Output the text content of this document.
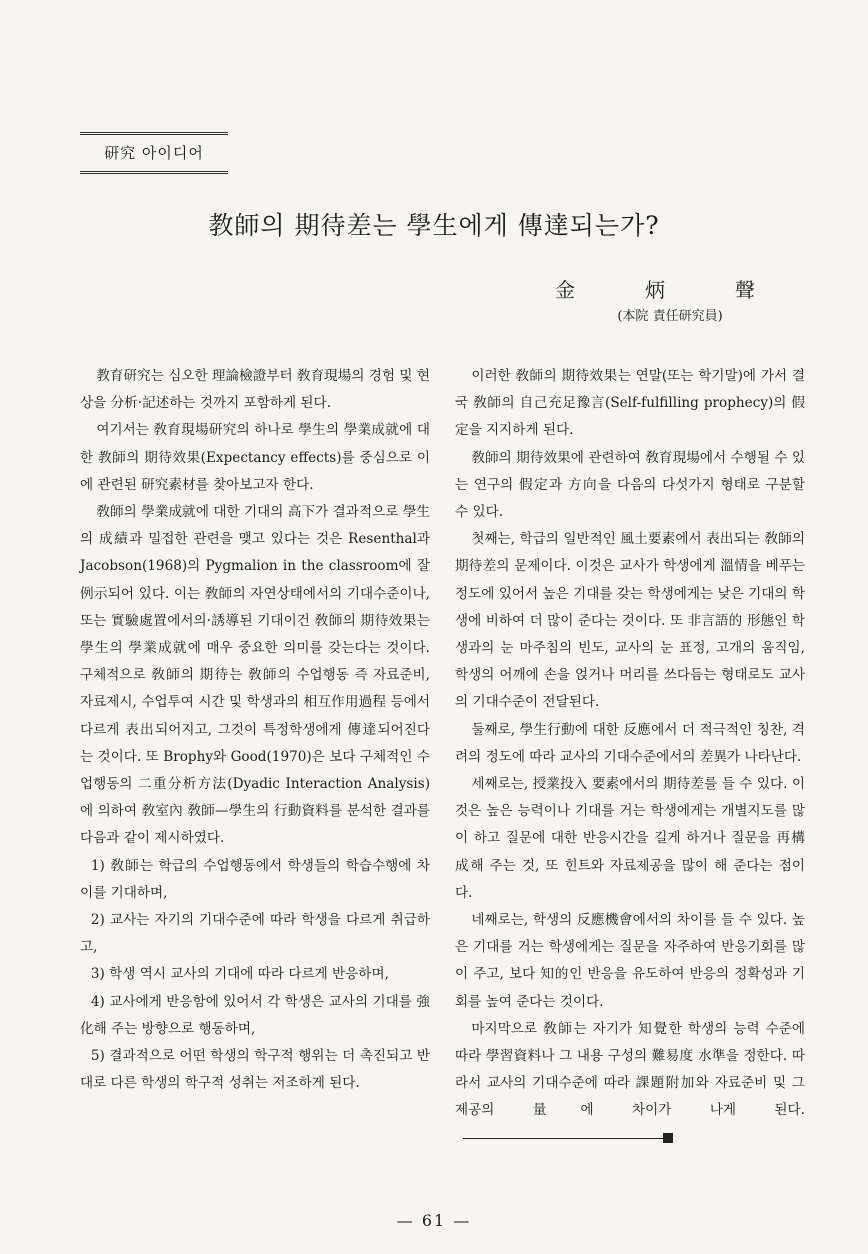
研究 아이디어
教師의 期待差는 學生에게 傳達되는가?
金	炳	聲
(本院 責任研究員)

教育研究는 심오한 理論檢證부터 敎育現場의 경험 및 현상을 分析·記述하는 것까지 포함하게 된다.

여기서는 敎育現場研究의 하나로 學生의 學業成就에 대한 教師의 期待效果(Expectancy effects)를 중심으로 이에 관련된 研究素材를 찾아보고자 한다.

敎師의 學業成就에 대한 기대의 高下가 결과적으로 學生의 成績과 밀접한 관련을 맺고 있다는 것은 Resenthal과 Jacobson(1968)의 Pygmalion in the classroom에 잘 例示되어 있다. 이는 敎師의 자연상태에서의 기대수준이나, 또는 實驗處置에서의·誘導된 기대이건 敎師의 期待效果는 學生의 學業成就에 매우 중요한 의미를 갖는다는 것이다. 구체적으로 敎師의 期待는 敎師의 수업행동 즉 자료준비, 자료제시, 수업투여 시간 및 학생과의 相互作用過程 등에서 다르게 表出되어지고, 그것이 특정학생에게 傳達되어진다는 것이다. 또 Brophy와 Good(1970)은 보다 구체적인 수업행동의 二重分析方法(Dyadic Interaction Analysis)에 의하여 敎室內 敎師—學生의 行動資料를 분석한 결과를 다음과 같이 제시하였다.

1) 敎師는 학급의 수업행동에서 학생들의 학습수행에 차이를 기대하며,

2) 교사는 자기의 기대수준에 따라 학생을 다르게 취급하고,

3) 학생 역시 교사의 기대에 따라 다르게 반응하며,

4) 교사에게 반응함에 있어서 각 학생은 교사의 기대를 強化해 주는 방향으로 행동하며,

5) 결과적으로 어떤 학생의 학구적 행위는 더 촉진되고 반대로 다른 학생의 학구적 성취는 저조하게 된다.

이러한 敎師의 期待效果는 연말(또는 학기말)에 가서 결국 敎師의 自己充足豫言(Self-fulfilling prophecy)의 假定을 지지하게 된다.

敎師의 期待效果에 관련하여 敎育現場에서 수행될 수 있는 연구의 假定과 方向을 다음의 다섯가지 형태로 구분할 수 있다.

첫째는, 학급의 일반적인 風土要素에서 表出되는 敎師의 期待差의 문제이다. 이것은 교사가 학생에게 溫情을 베푸는 정도에 있어서 높은 기대를 갖는 학생에게는 낮은 기대의 학생에 비하여 더 많이 준다는 것이다. 또 非言語的 形態인 학생과의 눈 마주침의 빈도, 교사의 눈 표정, 고개의 움직임, 학생의 어깨에 손을 얹거나 머리를 쓰다듬는 형태로도 교사의 기대수준이 전달된다.

둘째로, 學生行動에 대한 反應에서 더 적극적인 칭찬, 격려의 정도에 따라 교사의 기대수준에서의 差異가 나타난다.

세째로는, 授業投入 要素에서의 期待差를 들 수 있다. 이것은 높은 능력이나 기대를 거는 학생에게는 개별지도를 많이 하고 질문에 대한 반응시간을 길게 하거나 질문을 再構成해 주는 것, 또 힌트와 자료제공을 많이 해 준다는 점이다.

네째로는, 학생의 反應機會에서의 차이를 들 수 있다. 높은 기대를 거는 학생에게는 질문을 자주하여 반응기회를 많이 주고, 보다 知的인 반응을 유도하여 반응의 정확성과 기회를 높여 준다는 것이다.

마지막으로 敎師는 자기가 知覺한 학생의 능력 수준에 따라 學習資料나 그 내용 구성의 難易度 水準을 정한다. 따라서 교사의 기대수준에 따라 課題附加와 자료준비 및 그 제공의 量에 차이가 나게 된다.

— 61 —
